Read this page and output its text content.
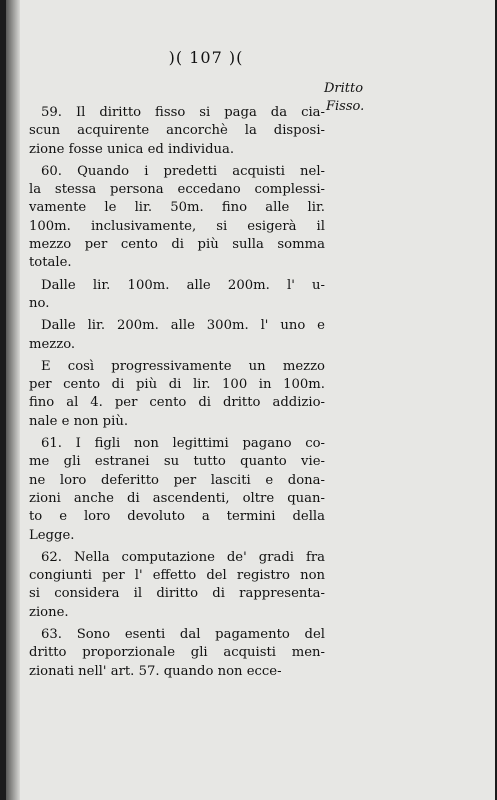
)( 107 )(
Dritto
Fisso.
59. Il diritto fisso si paga da cia-
scun acquirente ancorchè la disposi-
zione fosse unica ed individua.
60. Quando i predetti acquisti nel-
la stessa persona eccedano complessi-
vamente le lir. 50m. fino alle lir.
100m. inclusivamente, si esigerà il
mezzo per cento di più sulla somma
totale.
Dalle lir. 100m. alle 200m. l' u-
no.
Dalle lir. 200m. alle 300m. l' uno e
mezzo.
E così progressivamente un mezzo
per cento di più di lir. 100 in 100m.
fino al 4. per cento di dritto addizio-
nale e non più.
61. I figli non legittimi pagano co-
me gli estranei su tutto quanto vie-
ne loro deferitto per lasciti e dona-
zioni anche di ascendenti, oltre quan-
to e loro devoluto a termini della
Legge.
62. Nella computazione de' gradi fra
congiunti per l' effetto del registro non
si considera il diritto di rappresenta-
zione.
63. Sono esenti dal pagamento del
dritto proporzionale gli acquisti men-
zionati nell' art. 57. quando non ecce-
